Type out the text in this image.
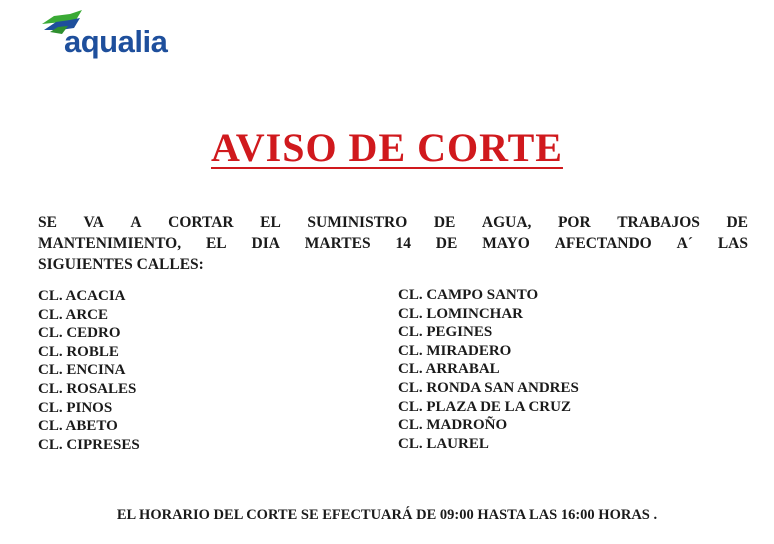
aqualia
AVISO DE CORTE
SE VA A CORTAR EL SUMINISTRO DE AGUA, POR TRABAJOS DE
MANTENIMIENTO, EL DIA MARTES 14 DE MAYO AFECTANDO A´ LAS
SIGUIENTES CALLES:
CL. ACACIA
CL. ARCE
CL. CEDRO
CL. ROBLE
CL. ENCINA
CL. ROSALES
CL. PINOS
CL. ABETO
CL. CIPRESES
CL. CAMPO SANTO
CL. LOMINCHAR
CL. PEGINES
CL. MIRADERO
CL. ARRABAL
CL. RONDA SAN ANDRES
CL. PLAZA DE LA CRUZ
CL. MADROÑO
CL. LAUREL
EL HORARIO DEL CORTE SE EFECTUARÁ DE 09:00 HASTA LAS 16:00 HORAS .
